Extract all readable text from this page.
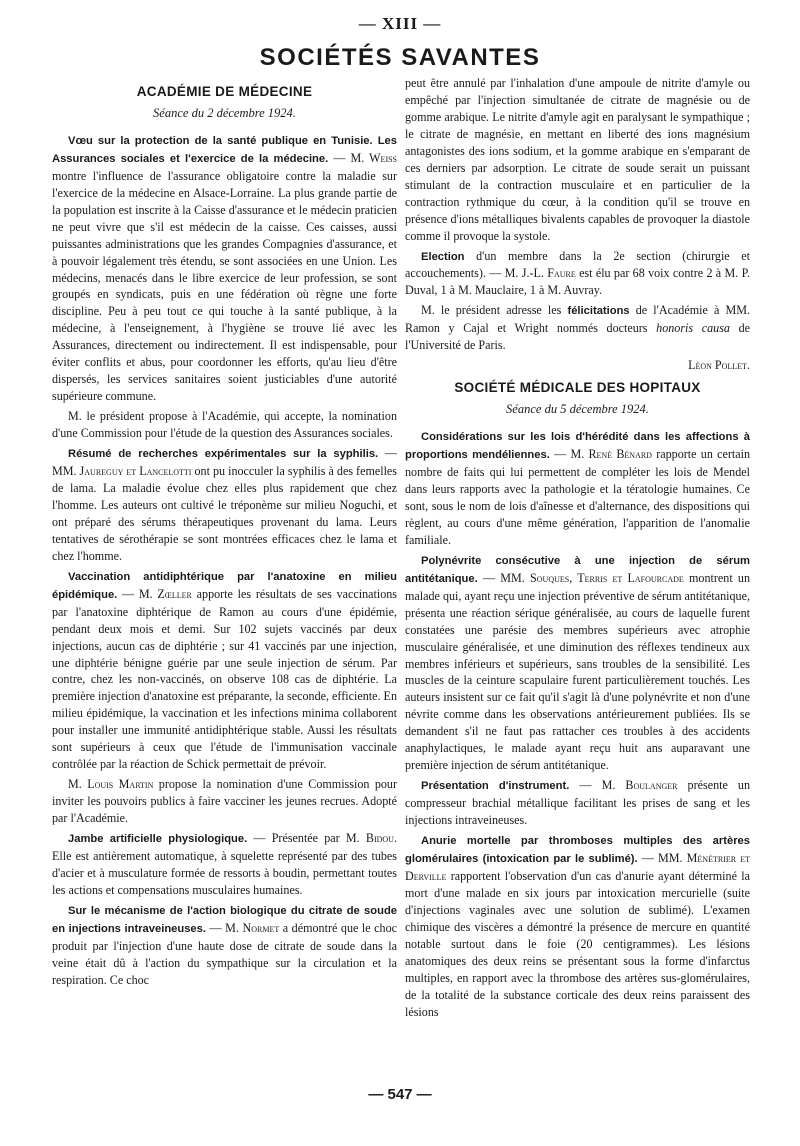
— XIII —
SOCIÉTÉS SAVANTES
ACADÉMIE DE MÉDECINE
Séance du 2 décembre 1924.

Vœu sur la protection de la santé publique en Tunisie. Les Assurances sociales et l'exercice de la médecine. — M. Weiss montre l'influence de l'assurance obligatoire contre la maladie sur l'exercice de la médecine en Alsace-Lorraine. La plus grande partie de la population est inscrite à la Caisse d'assurance et le médecin praticien ne peut vivre que s'il est médecin de la caisse. Ces caisses, aussi puissantes administrations que les grandes Compagnies d'assurance, et à pouvoir légalement très étendu, se sont associées en une Union. Les médecins, menacés dans le libre exercice de leur profession, se sont groupés en syndicats, puis en une fédération où règne une forte discipline. Peu à peu tout ce qui touche à la santé publique, à la médecine, à l'enseignement, à l'hygiène se trouve lié avec les Assurances, directement ou indirectement. Il est indispensable, pour éviter conflits et abus, pour coordonner les efforts, qu'au lieu d'être dispersés, les services sanitaires soient justiciables d'une autorité supérieure commune.

M. le président propose à l'Académie, qui accepte, la nomination d'une Commission pour l'étude de la question des Assurances sociales.

Résumé de recherches expérimentales sur la syphilis. — MM. Jaureguy et Lancelotti ont pu inocculer la syphilis à des femelles de lama. La maladie évolue chez elles plus rapidement que chez l'homme. Les auteurs ont cultivé le tréponème sur milieu Noguchi, et ont préparé des sérums thérapeutiques provenant du lama. Leurs tentatives de sérothérapie se sont montrées efficaces chez le lama et chez l'homme.

Vaccination antidiphtérique par l'anatoxine en milieu épidémique. — M. Zœller apporte les résultats de ses vaccinations par l'anatoxine diphtérique de Ramon au cours d'une épidémie, pendant deux mois et demi. Sur 102 sujets vaccinés par deux injections, aucun cas de diphtérie ; sur 41 vaccinés par une injection, une diphtérie bénigne guérie par une seule injection de sérum. Par contre, chez les non-vaccinés, on observe 108 cas de diphtérie. La première injection d'anatoxine est préparante, la seconde, efficiente. En milieu épidémique, la vaccination et les infections minima collaborent pour installer une immunité antidiphtérique stable. Aussi les résultats sont supérieurs à ceux que l'étude de l'immunisation vaccinale contrôlée par la réaction de Schick permettait de prévoir.

M. Louis Martin propose la nomination d'une Commission pour inviter les pouvoirs publics à faire vacciner les jeunes recrues. Adopté par l'Académie.

Jambe artificielle physiologique. — Présentée par M. Bidou. Elle est antièrement automatique, à squelette représenté par des tubes d'acier et à musculature formée de ressorts à boudin, permettant toutes les actions et compensations musculaires humaines.

Sur le mécanisme de l'action biologique du citrate de soude en injections intraveineuses. — M. Normet a démontré que le choc produit par l'injection d'une haute dose de citrate de soude dans la veine était dû à l'action du sympathique sur la circulation et la respiration. Ce choc

peut être annulé par l'inhalation d'une ampoule de nitrite d'amyle ou empêché par l'injection simultanée de citrate de magnésie ou de gomme arabique. Le nitrite d'amyle agit en paralysant le sympathique ; le citrate de magnésie, en mettant en liberté des ions magnésium antagonistes des ions sodium, et la gomme arabique en s'emparant de ces derniers par adsorption. Le citrate de soude serait un puissant stimulant de la contraction musculaire et en particulier de la contraction rythmique du cœur, à la condition qu'il se trouve en présence d'ions métalliques bivalents capables de provoquer la diastole comme il provoque la systole.

Election d'un membre dans la 2e section (chirurgie et accouchements). — M. J.-L. Faure est élu par 68 voix contre 2 à M. P. Duval, 1 à M. Mauclaire, 1 à M. Auvray.

M. le président adresse les félicitations de l'Académie à MM. Ramon y Cajal et Wright nommés docteurs honoris causa de l'Université de Paris.

Léon Pollet.

SOCIÉTÉ MÉDICALE DES HOPITAUX
Séance du 5 décembre 1924.

Considérations sur les lois d'hérédité dans les affections à proportions mendéliennes. — M. René Bénard rapporte un certain nombre de faits qui lui permettent de compléter les lois de Mendel dans leurs rapports avec la pathologie et la tératologie humaines. Ce sont, sous le nom de lois d'aînesse et d'alternance, des dispositions qui règlent, au cours d'une même génération, l'apparition de l'anomalie familiale.

Polynévrite consécutive à une injection de sérum antitétanique. — MM. Souques, Terris et Lafourcade montrent un malade qui, ayant reçu une injection préventive de sérum antitétanique, présenta une réaction sérique généralisée, au cours de laquelle furent constatées une parésie des membres supérieurs avec atrophie musculaire généralisée, et une diminution des réflexes tendineux aux membres inférieurs et supérieurs, sans troubles de la sensibilité. Les muscles de la ceinture scapulaire furent particulièrement touchés. Les auteurs insistent sur ce fait qu'il s'agit là d'une polynévrite et non d'une névrite comme dans les observations antérieurement publiées. Ils se demandent s'il ne faut pas rattacher ces troubles à des accidents anaphylactiques, le malade ayant reçu huit ans auparavant une première injection de sérum antitétanique.

Présentation d'instrument. — M. Boulanger présente un compresseur brachial métallique facilitant les prises de sang et les injections intraveineuses.

Anurie mortelle par thromboses multiples des artères glomérulaires (intoxication par le sublimé). — MM. Ménétrier et Derville rapportent l'observation d'un cas d'anurie ayant déterminé la mort d'une malade en six jours par intoxication mercurielle (suite d'injections vaginales avec une solution de sublimé). L'examen chimique des viscères a démontré la présence de mercure en quantité notable surtout dans le foie (20 centigrammes). Les lésions anatomiques des deux reins se présentant sous la forme d'infarctus multiples, en rapport avec la thrombose des artères sus-glomérulaires, de la totalité de la substance corticale des deux reins paraissent des lésions

— 547 —
